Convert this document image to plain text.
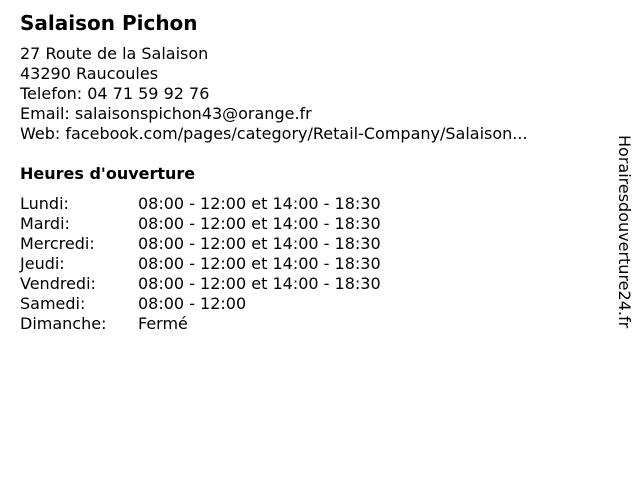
Salaison Pichon
27 Route de la Salaison
43290 Raucoules
Telefon: 04 71 59 92 76
Email: salaisonspichon43@orange.fr
Web: facebook.com/pages/category/Retail-Company/Salaison...
Heures d'ouverture
Lundi:	08:00 - 12:00 et 14:00 - 18:30
Mardi:	08:00 - 12:00 et 14:00 - 18:30
Mercredi:	08:00 - 12:00 et 14:00 - 18:30
Jeudi:	08:00 - 12:00 et 14:00 - 18:30
Vendredi:	08:00 - 12:00 et 14:00 - 18:30
Samedi:	08:00 - 12:00
Dimanche: Fermé	Horairesdouverture24.fr
